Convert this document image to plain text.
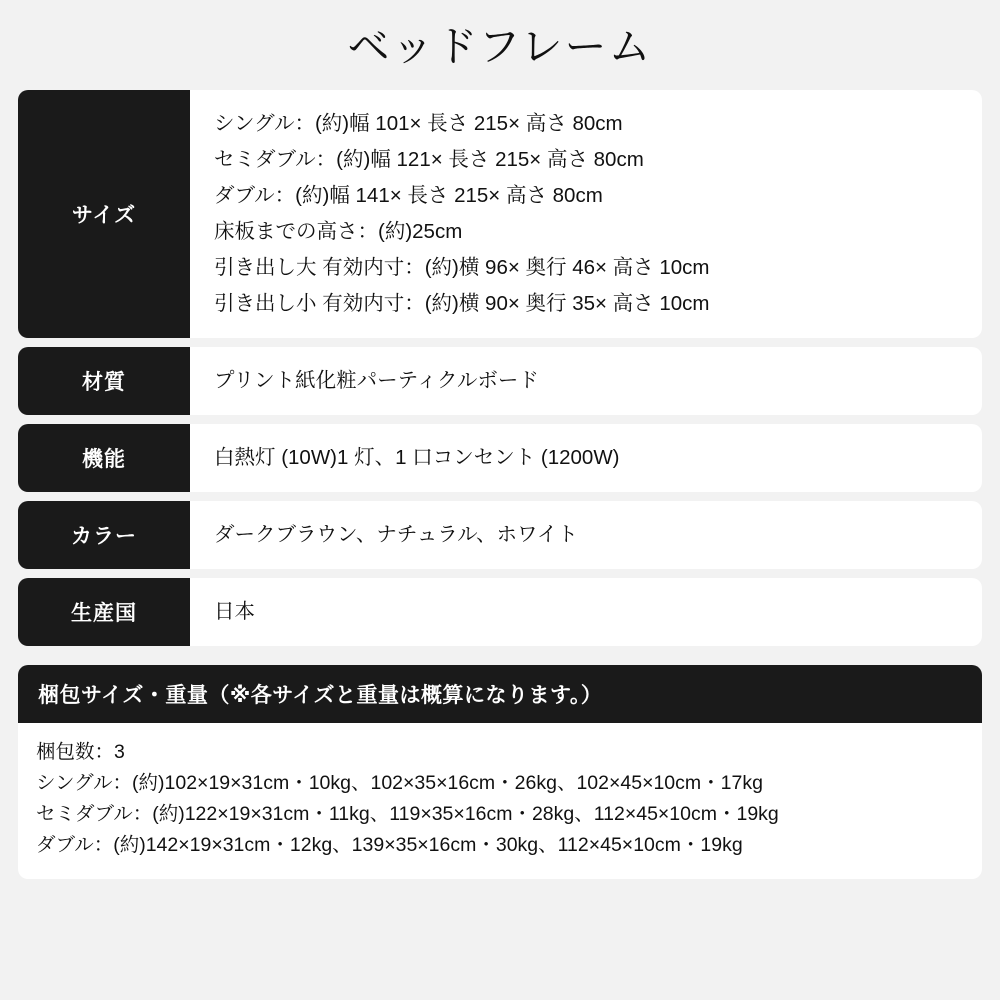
ベッドフレーム
サイズ
シングル：(約)幅 101× 長さ 215× 高さ 80cm
セミダブル：(約)幅 121× 長さ 215× 高さ 80cm
ダブル：(約)幅 141× 長さ 215× 高さ 80cm
床板までの高さ：(約)25cm
引き出し大 有効内寸：(約)横 96× 奥行 46× 高さ 10cm
引き出し小 有効内寸：(約)横 90× 奥行 35× 高さ 10cm
材質	プリント紙化粧パーティクルボード
機能	白熱灯 (10W)1 灯、1 口コンセント (1200W)
カラー	ダークブラウン、ナチュラル、ホワイト
生産国	日本
梱包サイズ・重量（※各サイズと重量は概算になります。）
梱包数：3
シングル：(約)102×19×31cm・10kg、102×35×16cm・26kg、102×45×10cm・17kg
セミダブル：(約)122×19×31cm・11kg、119×35×16cm・28kg、112×45×10cm・19kg
ダブル：(約)142×19×31cm・12kg、139×35×16cm・30kg、112×45×10cm・19kg
